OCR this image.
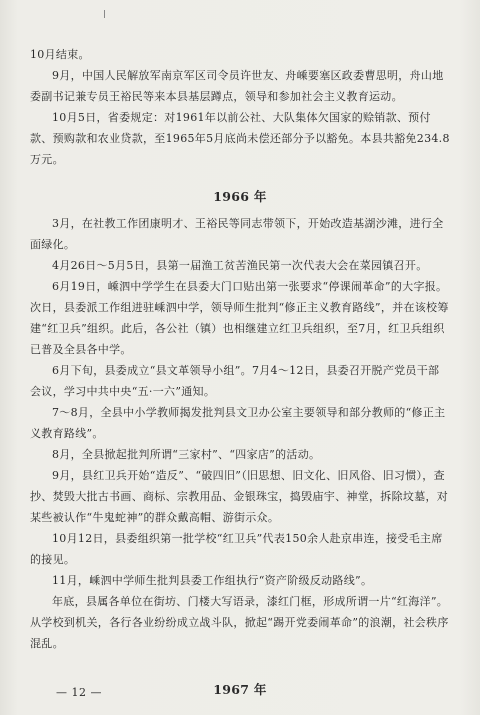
10月结束。

9月，中国人民解放军南京军区司令员许世友、舟嵊要塞区政委曹思明，舟山地委副书记兼专员王裕民等来本县基层蹲点，领导和参加社会主义教育运动。

10月5日，省委规定：对1961年以前公社、大队集体欠国家的赊销款、预付款、预购款和农业贷款，至1965年5月底尚未偿还部分予以豁免。本县共豁免234.8万元。

1966 年

3月，在社教工作团康明才、王裕民等同志带领下，开始改造基湖沙滩，进行全面绿化。

4月26日～5月5日，县第一届渔工贫苦渔民第一次代表大会在菜园镇召开。

6月19日，嵊泗中学学生在县委大门口贴出第一张要求“停课闹革命”的大字报。次日，县委派工作组进驻嵊泗中学，领导师生批判“修正主义教育路线”，并在该校筹建“红卫兵”组织。此后，各公社（镇）也相继建立红卫兵组织，至7月，红卫兵组织已普及全县各中学。

6月下旬，县委成立“县文革领导小组”。7月4～12日，县委召开脱产党员干部会议，学习中共中央“五·一六”通知。

7～8月，全县中小学教师揭发批判县文卫办公室主要领导和部分教师的“修正主义教育路线”。

8月，全县掀起批判所谓“三家村”、“四家店”的活动。

9月，县红卫兵开始“造反”、“破四旧”（旧思想、旧文化、旧风俗、旧习惯），查抄、焚毁大批古书画、商标、宗教用品、金银珠宝，捣毁庙宇、神堂，拆除坟墓，对某些被认作“牛鬼蛇神”的群众戴高帽、游街示众。

10月12日，县委组织第一批学校“红卫兵”代表150余人赴京串连，接受毛主席的接见。

11月，嵊泗中学师生批判县委工作组执行“资产阶级反动路线”。

年底，县属各单位在街坊、门楼大写语录，漆红门框，形成所谓一片“红海洋”。从学校到机关，各行各业纷纷成立战斗队，掀起“踢开党委闹革命”的浪潮，社会秩序混乱。

1967 年

— 12 —
